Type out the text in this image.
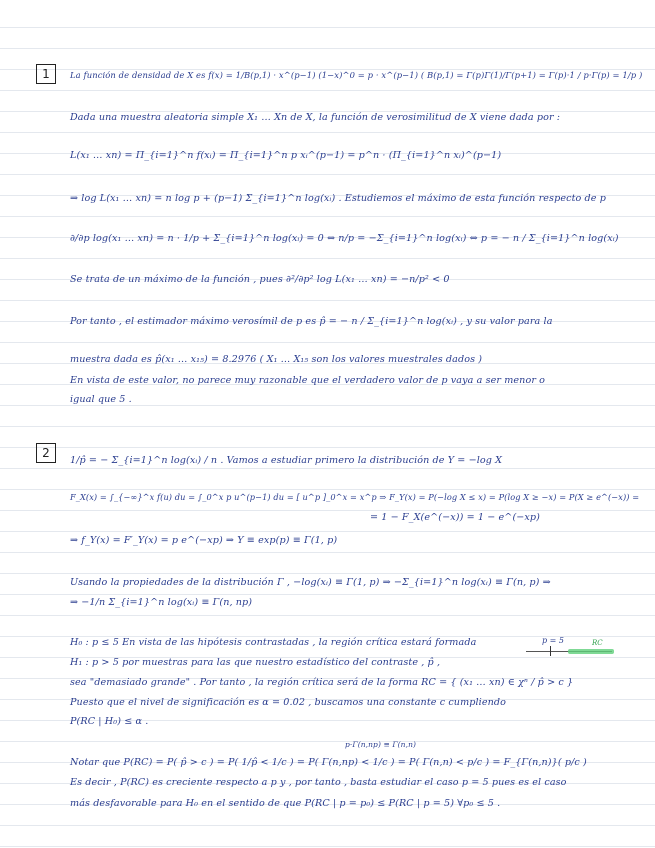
1	La función de densidad de X es f(x) = 1/B(p,1) · x^(p−1) (1−x)^0 = p · x^(p−1) ( B(p,1) = Γ(p)Γ(1)/Γ(p+1) = Γ(p)·1 / p·Γ(p) = 1/p )
Dada una muestra aleatoria simple X₁ … Xn de X, la función de verosimilitud de X viene dada por :
L(x₁ … xn) = Π_{i=1}^n f(xᵢ) = Π_{i=1}^n p xᵢ^(p−1) = p^n · (Π_{i=1}^n xᵢ)^(p−1)
⇒ log L(x₁ … xn) = n log p + (p−1) Σ_{i=1}^n log(xᵢ) . Estudiemos el máximo de esta función respecto de p
∂/∂p log(x₁ … xn) = n · 1/p + Σ_{i=1}^n log(xᵢ) = 0 ⇔ n/p = −Σ_{i=1}^n log(xᵢ) ⇔ p = − n / Σ_{i=1}^n log(xᵢ)
Se trata de un máximo de la función , pues ∂²/∂p² log L(x₁ … xn) = −n/p² < 0
Por tanto , el estimador máximo verosímil de p es p̂ = − n / Σ_{i=1}^n log(xᵢ) , y su valor para la
muestra dada es p̂(x₁ … x₁₅) = 8.2976 ( X₁ … X₁₅ son los valores muestrales dados )
En vista de este valor, no parece muy razonable que el verdadero valor de p vaya a ser menor o
igual que 5 .
2
1/p̂ = − Σ_{i=1}^n log(xᵢ) / n . Vamos a estudiar primero la distribución de Y = −log X
F_X(x) = ∫_{−∞}^x f(u) du = ∫_0^x p u^(p−1) du = [ u^p ]_0^x = x^p ⇒ F_Y(x) = P(−log X ≤ x) = P(log X ≥ −x) = P(X ≥ e^(−x)) =
= 1 − F_X(e^(−x)) = 1 − e^(−xp)
⇒ f_Y(x) = F′_Y(x) = p e^(−xp) ⇒ Y ≡ exp(p) ≡ Γ(1, p)
Usando la propiedades de la distribución Γ , −log(xᵢ) ≡ Γ(1, p) ⇒ −Σ_{i=1}^n log(xᵢ) ≡ Γ(n, p) ⇒
⇒ −1/n Σ_{i=1}^n log(xᵢ) ≡ Γ(n, np)
H₀ : p ≤ 5 En vista de las hipótesis contrastadas , la región crítica estará formada
H₁ : p > 5 por muestras para las que nuestro estadístico del contraste , p̂ ,
sea "demasiado grande" . Por tanto , la región crítica será de la forma RC = { (x₁ … xn) ∈ χⁿ / p̂ > c }
Puesto que el nivel de significación es α = 0.02 , buscamos una constante c cumpliendo
P(RC | H₀) ≤ α .
p·Γ(n,np) ≡ Γ(n,n)
Notar que P(RC) = P( p̂ > c ) = P( 1/p̂ < 1/c ) = P( Γ(n,np) < 1/c ) = P( Γ(n,n) < p/c ) = F_{Γ(n,n)}( p/c )
Es decir , P(RC) es creciente respecto a p y , por tanto , basta estudiar el caso p = 5 pues es el caso
más desfavorable para H₀ en el sentido de que P(RC | p = p₀) ≤ P(RC | p = 5) ∀p₀ ≤ 5 .
p = 5	RC
